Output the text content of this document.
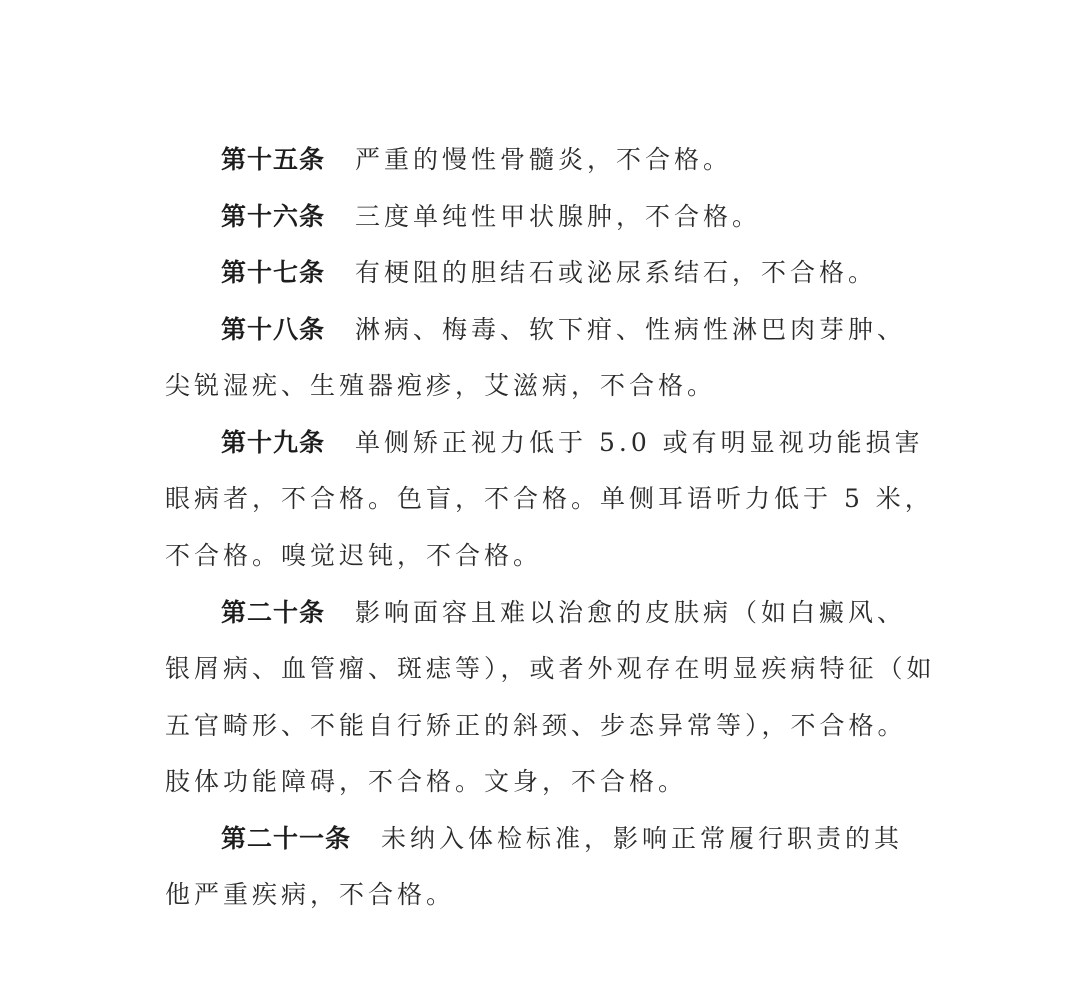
第十五条 严重的慢性骨髓炎，不合格。
第十六条 三度单纯性甲状腺肿，不合格。
第十七条 有梗阻的胆结石或泌尿系结石，不合格。
第十八条 淋病、梅毒、软下疳、性病性淋巴肉芽肿、
尖锐湿疣、生殖器疱疹，艾滋病，不合格。
第十九条 单侧矫正视力低于 5.0 或有明显视功能损害
眼病者，不合格。色盲，不合格。单侧耳语听力低于 5 米，
不合格。嗅觉迟钝，不合格。
第二十条 影响面容且难以治愈的皮肤病（如白癜风、
银屑病、血管瘤、斑痣等），或者外观存在明显疾病特征（如
五官畸形、不能自行矫正的斜颈、步态异常等），不合格。
肢体功能障碍，不合格。文身，不合格。
第二十一条 未纳入体检标准，影响正常履行职责的其
他严重疾病，不合格。
